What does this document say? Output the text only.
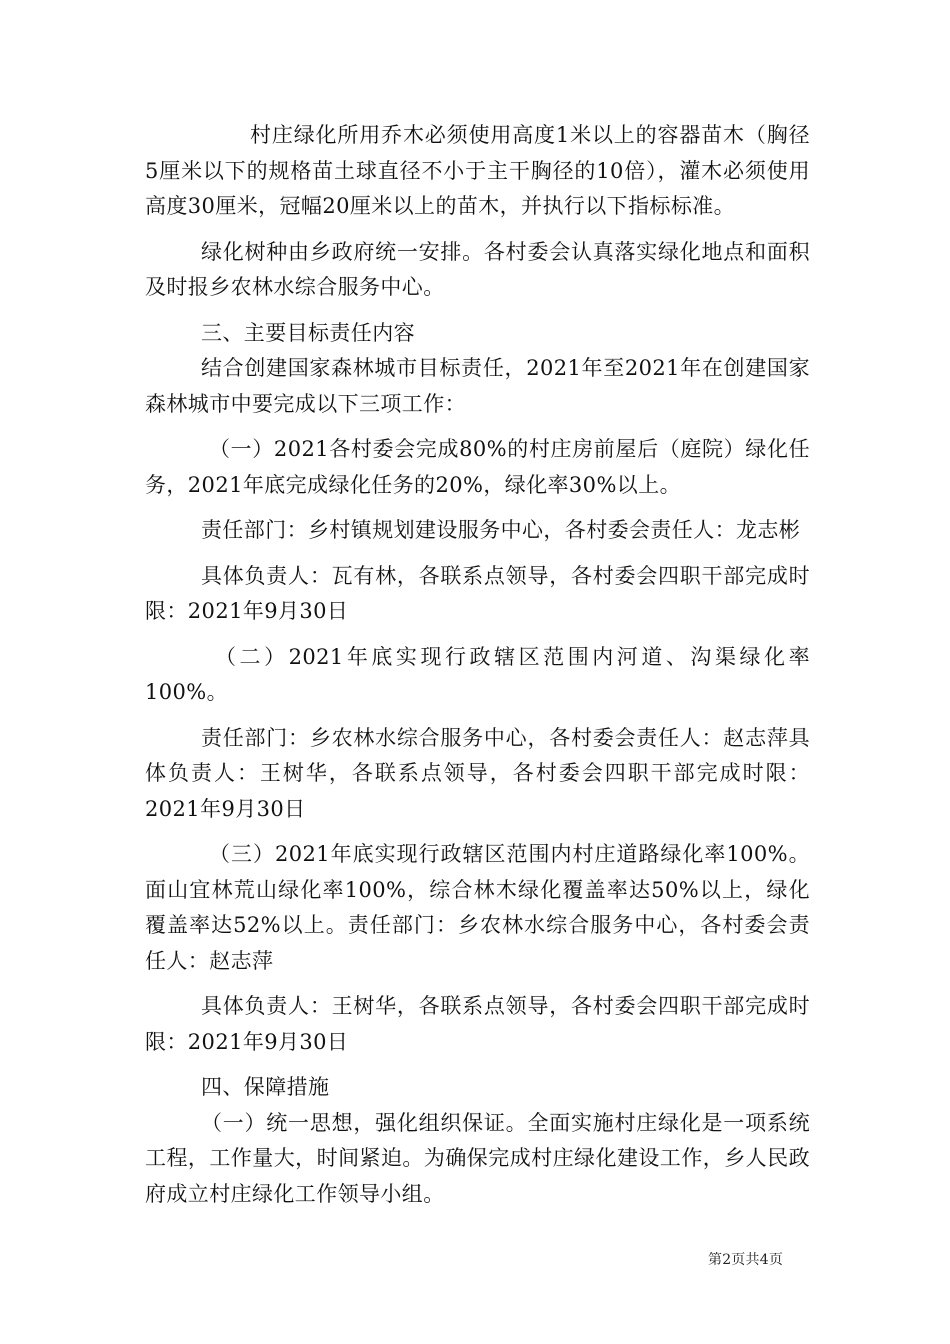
村庄绿化所用乔木必须使用高度1米以上的容器苗木（胸径5厘米以下的规格苗土球直径不小于主干胸径的10倍），灌木必须使用高度30厘米，冠幅20厘米以上的苗木，并执行以下指标标准。

绿化树种由乡政府统一安排。各村委会认真落实绿化地点和面积及时报乡农林水综合服务中心。

三、主要目标责任内容

结合创建国家森林城市目标责任，2021年至2021年在创建国家森林城市中要完成以下三项工作：

（一）2021各村委会完成80%的村庄房前屋后（庭院）绿化任务，2021年底完成绿化任务的20%，绿化率30%以上。

责任部门：乡村镇规划建设服务中心，各村委会责任人：龙志彬

具体负责人：瓦有林，各联系点领导，各村委会四职干部完成时限：2021年9月30日

（二）2021年底实现行政辖区范围内河道、沟渠绿化率100%。

责任部门：乡农林水综合服务中心，各村委会责任人：赵志萍具体负责人：王树华，各联系点领导，各村委会四职干部完成时限：2021年9月30日

（三）2021年底实现行政辖区范围内村庄道路绿化率100%。面山宜林荒山绿化率100%，综合林木绿化覆盖率达50%以上，绿化覆盖率达52%以上。责任部门：乡农林水综合服务中心，各村委会责任人：赵志萍

具体负责人：王树华，各联系点领导，各村委会四职干部完成时限：2021年9月30日

四、保障措施

（一）统一思想，强化组织保证。全面实施村庄绿化是一项系统工程，工作量大，时间紧迫。为确保完成村庄绿化建设工作，乡人民政府成立村庄绿化工作领导小组。

第2页共4页
